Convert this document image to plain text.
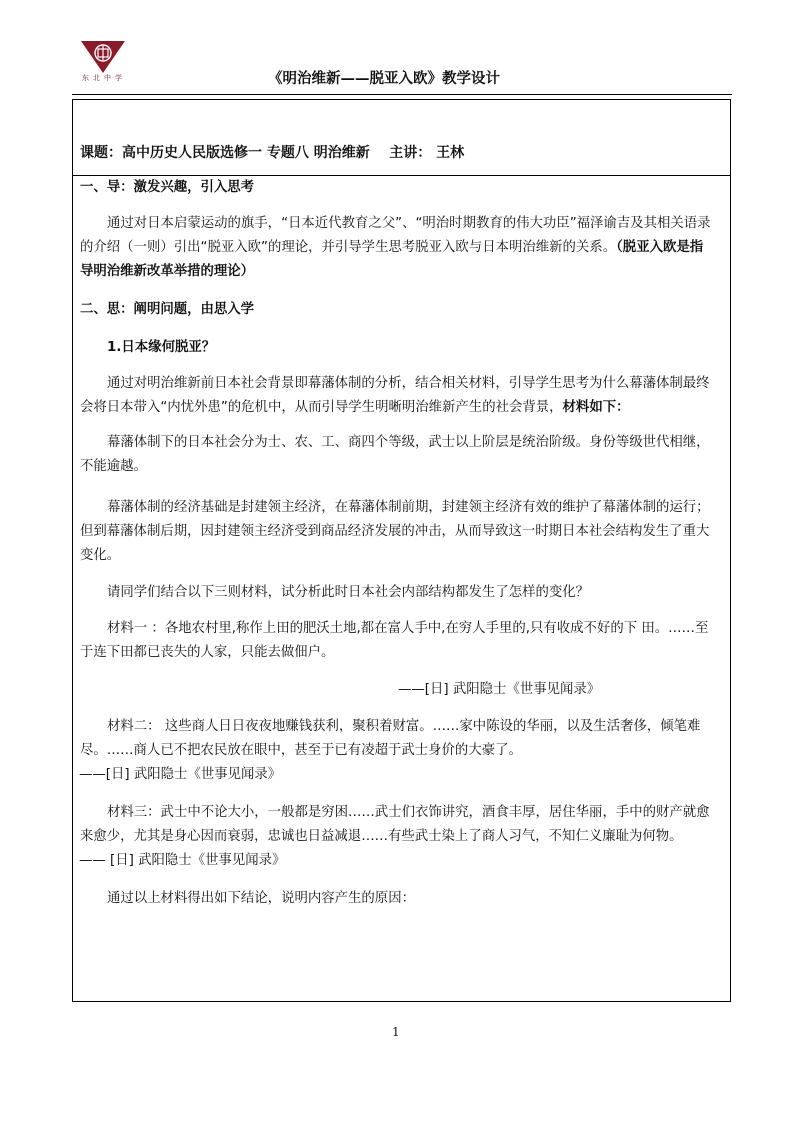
东北中学	《明治维新——脱亚入欧》教学设计
课题：高中历史人民版选修一 专题八 明治维新 主讲： 王林
一、导：激发兴趣，引入思考
通过对日本启蒙运动的旗手，“日本近代教育之父”、“明治时期教育的伟大功臣”福泽谕吉及其相关语录的介绍（一则）引出“脱亚入欧”的理论，并引导学生思考脱亚入欧与日本明治维新的关系。（脱亚入欧是指导明治维新改革举措的理论）
二、思：阐明问题，由思入学
1.日本缘何脱亚？
通过对明治维新前日本社会背景即幕藩体制的分析，结合相关材料，引导学生思考为什么幕藩体制最终会将日本带入“内忧外患”的危机中，从而引导学生明晰明治维新产生的社会背景，材料如下：
幕藩体制下的日本社会分为士、农、工、商四个等级，武士以上阶层是统治阶级。身份等级世代相继，不能逾越。
幕藩体制的经济基础是封建领主经济，在幕藩体制前期，封建领主经济有效的维护了幕藩体制的运行；但到幕藩体制后期，因封建领主经济受到商品经济发展的冲击，从而导致这一时期日本社会结构发生了重大变化。
请同学们结合以下三则材料，试分析此时日本社会内部结构都发生了怎样的变化？
材料一 ：各地农村里,称作上田的肥沃土地,都在富人手中,在穷人手里的,只有收成不好的下 田。……至于连下田都已丧失的人家，只能去做佃户。
——[日] 武阳隐士《世事见闻录》
材料二： 这些商人日日夜夜地赚钱获利，聚积着财富。……家中陈设的华丽，以及生活奢侈，倾笔难尽。……商人已不把农民放在眼中，甚至于已有凌超于武士身价的大豪了。
——[日] 武阳隐士《世事见闻录》
材料三：武士中不论大小，一般都是穷困……武士们衣饰讲究，酒食丰厚，居住华丽，手中的财产就愈来愈少，尤其是身心因而衰弱，忠诚也日益减退……有些武士染上了商人习气，不知仁义廉耻为何物。
—— [日] 武阳隐士《世事见闻录》
通过以上材料得出如下结论，说明内容产生的原因：
1
